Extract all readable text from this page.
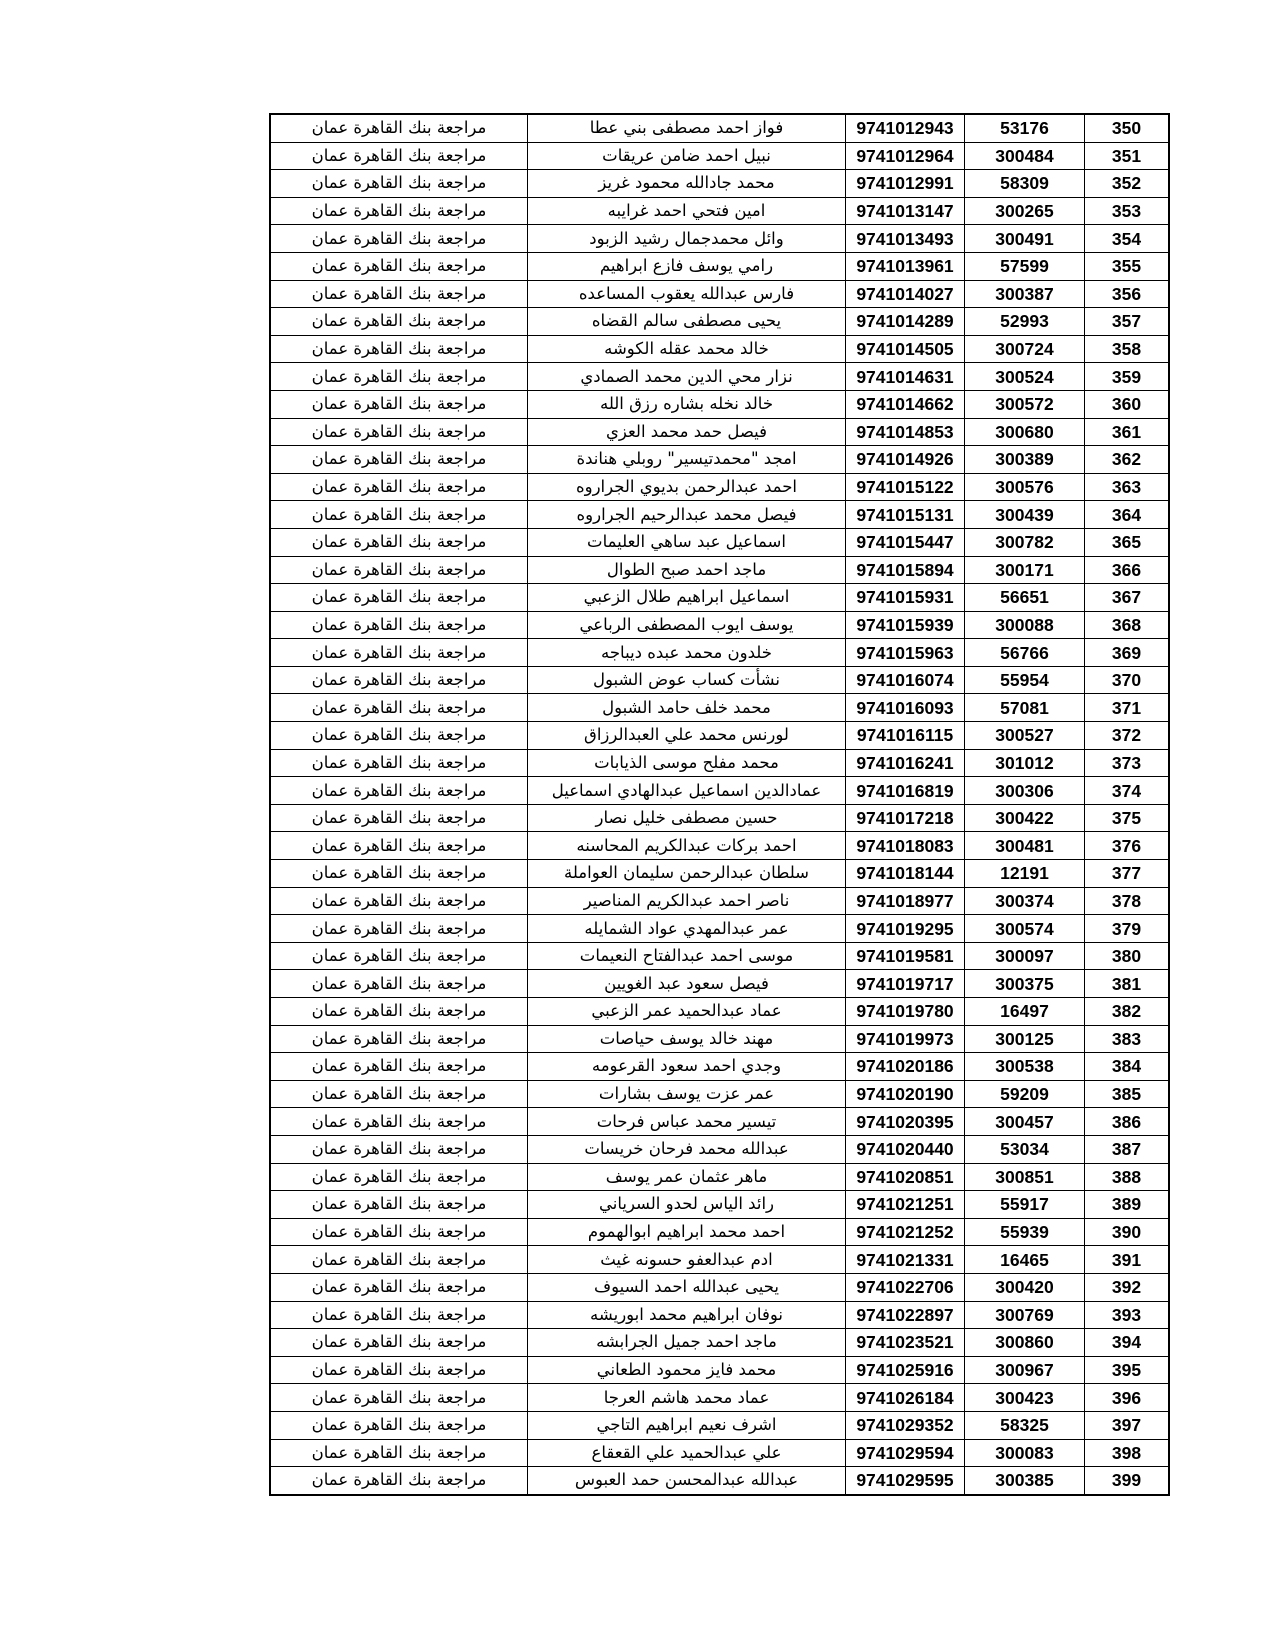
مراجعة بنك القاهرة عمان	فواز احمد مصطفى بني عطا	9741012943	53176	350
مراجعة بنك القاهرة عمان	نبيل احمد ضامن عريقات	9741012964	300484	351
مراجعة بنك القاهرة عمان	محمد جادالله محمود غريز	9741012991	58309	352
مراجعة بنك القاهرة عمان	امين فتحي احمد غرايبه	9741013147	300265	353
مراجعة بنك القاهرة عمان	وائل محمدجمال رشيد الزبود	9741013493	300491	354
مراجعة بنك القاهرة عمان	رامي يوسف فازع ابراهيم	9741013961	57599	355
مراجعة بنك القاهرة عمان	فارس عبدالله يعقوب المساعده	9741014027	300387	356
مراجعة بنك القاهرة عمان	يحيى مصطفى سالم القضاه	9741014289	52993	357
مراجعة بنك القاهرة عمان	خالد محمد عقله الكوشه	9741014505	300724	358
مراجعة بنك القاهرة عمان	نزار محي الدين محمد الصمادي	9741014631	300524	359
مراجعة بنك القاهرة عمان	خالد نخله بشاره رزق الله	9741014662	300572	360
مراجعة بنك القاهرة عمان	فيصل حمد محمد العزي	9741014853	300680	361
مراجعة بنك القاهرة عمان	امجد "محمدتيسير" روبلي هناندة	9741014926	300389	362
مراجعة بنك القاهرة عمان	احمد عبدالرحمن بديوي الجراروه	9741015122	300576	363
مراجعة بنك القاهرة عمان	فيصل محمد عبدالرحيم الجراروه	9741015131	300439	364
مراجعة بنك القاهرة عمان	اسماعيل عبد ساهي العليمات	9741015447	300782	365
مراجعة بنك القاهرة عمان	ماجد احمد صبح الطوال	9741015894	300171	366
مراجعة بنك القاهرة عمان	اسماعيل ابراهيم طلال الزعبي	9741015931	56651	367
مراجعة بنك القاهرة عمان	يوسف ايوب المصطفى الرباعي	9741015939	300088	368
مراجعة بنك القاهرة عمان	خلدون محمد عبده ديباجه	9741015963	56766	369
مراجعة بنك القاهرة عمان	نشأت كساب عوض الشبول	9741016074	55954	370
مراجعة بنك القاهرة عمان	محمد خلف حامد الشبول	9741016093	57081	371
مراجعة بنك القاهرة عمان	لورنس محمد علي العبدالرزاق	9741016115	300527	372
مراجعة بنك القاهرة عمان	محمد مفلح موسى الذيابات	9741016241	301012	373
مراجعة بنك القاهرة عمان	عمادالدين اسماعيل عبدالهادي اسماعيل	9741016819	300306	374
مراجعة بنك القاهرة عمان	حسين مصطفى خليل نصار	9741017218	300422	375
مراجعة بنك القاهرة عمان	احمد بركات عبدالكريم المحاسنه	9741018083	300481	376
مراجعة بنك القاهرة عمان	سلطان عبدالرحمن سليمان العواملة	9741018144	12191	377
مراجعة بنك القاهرة عمان	ناصر احمد عبدالكريم المناصير	9741018977	300374	378
مراجعة بنك القاهرة عمان	عمر عبدالمهدي عواد الشمايله	9741019295	300574	379
مراجعة بنك القاهرة عمان	موسى احمد عبدالفتاح النعيمات	9741019581	300097	380
مراجعة بنك القاهرة عمان	فيصل سعود عبد الغويين	9741019717	300375	381
مراجعة بنك القاهرة عمان	عماد عبدالحميد عمر الزعبي	9741019780	16497	382
مراجعة بنك القاهرة عمان	مهند خالد يوسف حياصات	9741019973	300125	383
مراجعة بنك القاهرة عمان	وجدي احمد سعود القرعومه	9741020186	300538	384
مراجعة بنك القاهرة عمان	عمر عزت يوسف بشارات	9741020190	59209	385
مراجعة بنك القاهرة عمان	تيسير محمد عباس فرحات	9741020395	300457	386
مراجعة بنك القاهرة عمان	عبدالله محمد فرحان خريسات	9741020440	53034	387
مراجعة بنك القاهرة عمان	ماهر عثمان عمر يوسف	9741020851	300851	388
مراجعة بنك القاهرة عمان	رائد الياس لحدو السرياني	9741021251	55917	389
مراجعة بنك القاهرة عمان	احمد محمد ابراهيم ابوالهموم	9741021252	55939	390
مراجعة بنك القاهرة عمان	ادم عبدالعفو حسونه غيث	9741021331	16465	391
مراجعة بنك القاهرة عمان	يحيى عبدالله احمد السيوف	9741022706	300420	392
مراجعة بنك القاهرة عمان	نوفان ابراهيم محمد ابوريشه	9741022897	300769	393
مراجعة بنك القاهرة عمان	ماجد احمد جميل الجرابشه	9741023521	300860	394
مراجعة بنك القاهرة عمان	محمد فايز محمود الطعاني	9741025916	300967	395
مراجعة بنك القاهرة عمان	عماد محمد هاشم العرجا	9741026184	300423	396
مراجعة بنك القاهرة عمان	اشرف نعيم ابراهيم التاجي	9741029352	58325	397
مراجعة بنك القاهرة عمان	علي عبدالحميد علي القعقاع	9741029594	300083	398
مراجعة بنك القاهرة عمان	عبدالله عبدالمحسن حمد العبوس	9741029595	300385	399
